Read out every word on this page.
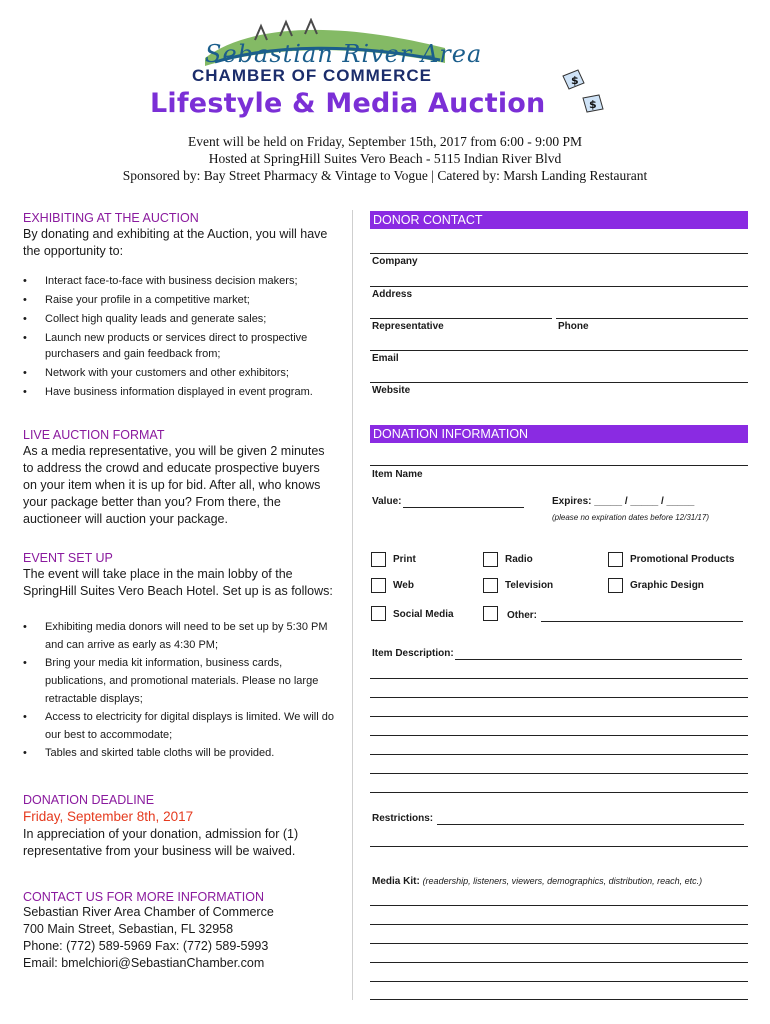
Sebastian River Area
CHAMBER OF COMMERCE
Lifestyle & Media Auction
$
$
Event will be held on Friday, September 15th, 2017 from 6:00 - 9:00 PM
Hosted at SpringHill Suites Vero Beach - 5115 Indian River Blvd
Sponsored by: Bay Street Pharmacy & Vintage to Vogue | Catered by: Marsh Landing Restaurant
EXHIBITING AT THE AUCTION
By donating and exhibiting at the Auction, you will have the opportunity to:
• Interact face-to-face with business decision makers;
• Raise your profile in a competitive market;
• Collect high quality leads and generate sales;
• Launch new products or services direct to prospective purchasers and gain feedback from;
• Network with your customers and other exhibitors;
• Have business information displayed in event program.
LIVE AUCTION FORMAT
As a media representative, you will be given 2 minutes to address the crowd and educate prospective buyers on your item when it is up for bid. After all, who knows your package better than you? From there, the auctioneer will auction your package.
EVENT SET UP
The event will take place in the main lobby of the SpringHill Suites Vero Beach Hotel. Set up is as follows:
• Exhibiting media donors will need to be set up by 5:30 PM and can arrive as early as 4:30 PM;
• Bring your media kit information, business cards, publications, and promotional materials. Please no large retractable displays;
• Access to electricity for digital displays is limited. We will do our best to accommodate;
• Tables and skirted table cloths will be provided.
DONATION DEADLINE
Friday, September 8th, 2017
In appreciation of your donation, admission for (1) representative from your business will be waived.
CONTACT US FOR MORE INFORMATION
Sebastian River Area Chamber of Commerce
700 Main Street, Sebastian, FL 32958
Phone: (772) 589-5969 Fax: (772) 589-5993
Email: bmelchiori@SebastianChamber.com
DONOR CONTACT
Company
Address
Representative	Phone
Email
Website
DONATION INFORMATION
Item Name
Value:	Expires: _____ / _____ / _____
(please no expiration dates before 12/31/17)
Print	Radio	Promotional Products
Web	Television	Graphic Design
Social Media	Other:
Item Description:
Restrictions:
Media Kit: (readership, listeners, viewers, demographics, distribution, reach, etc.)
